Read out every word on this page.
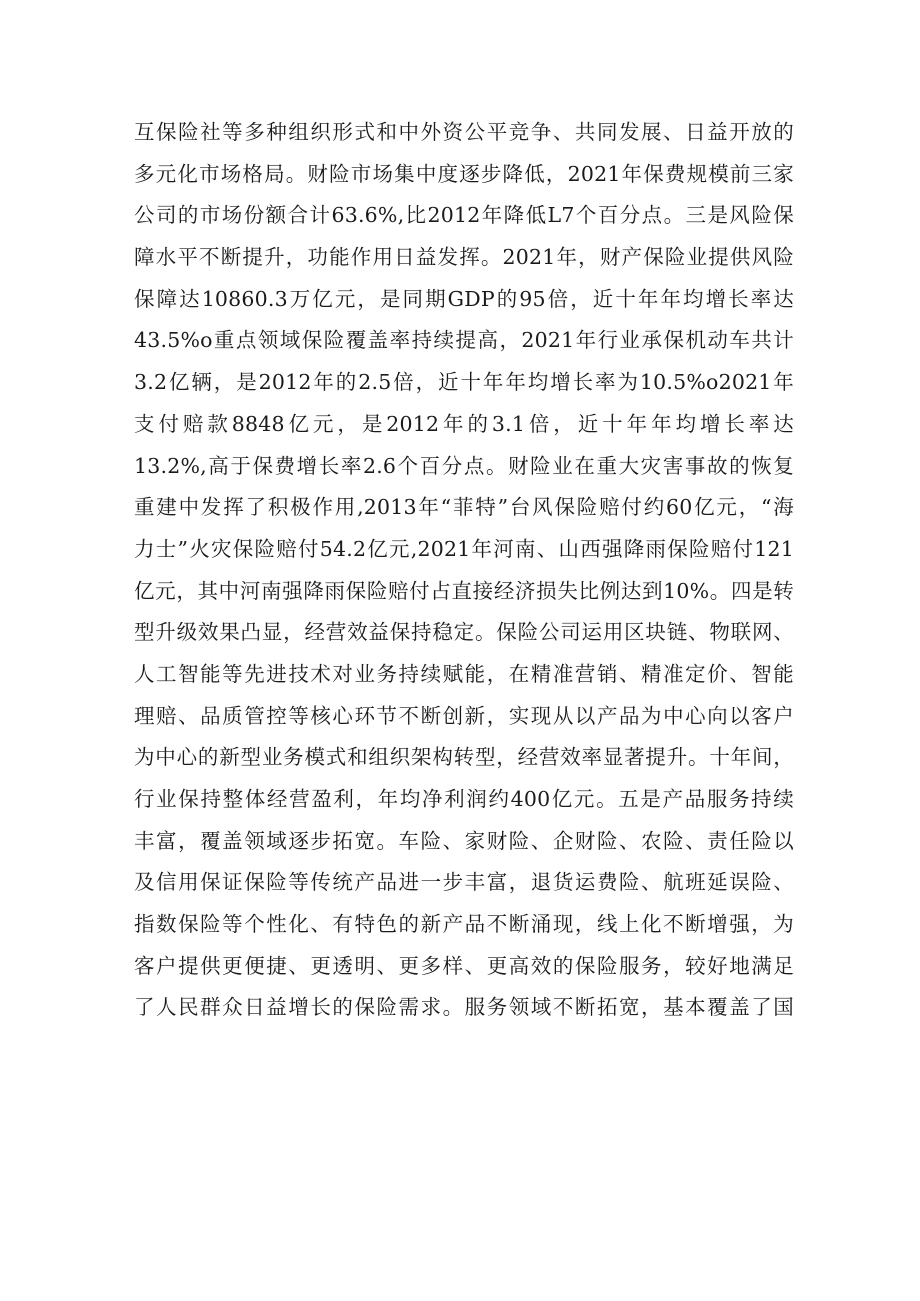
互保险社等多种组织形式和中外资公平竞争、共同发展、日益开放的
多元化市场格局。财险市场集中度逐步降低，2021年保费规模前三家
公司的市场份额合计63.6%,比2012年降低L7个百分点。三是风险保
障水平不断提升，功能作用日益发挥。2021年，财产保险业提供风险
保障达10860.3万亿元，是同期GDP的95倍，近十年年均增长率达
43.5%o重点领域保险覆盖率持续提高，2021年行业承保机动车共计
3.2亿辆，是2012年的2.5倍，近十年年均增长率为10.5%o2021年
支付赔款8848亿元，是2012年的3.1倍，近十年年均增长率达
13.2%,高于保费增长率2.6个百分点。财险业在重大灾害事故的恢复
重建中发挥了积极作用,2013年“菲特”台风保险赔付约60亿元，“海
力士”火灾保险赔付54.2亿元,2021年河南、山西强降雨保险赔付121
亿元，其中河南强降雨保险赔付占直接经济损失比例达到10%。四是转
型升级效果凸显，经营效益保持稳定。保险公司运用区块链、物联网、
人工智能等先进技术对业务持续赋能，在精准营销、精准定价、智能
理赔、品质管控等核心环节不断创新，实现从以产品为中心向以客户
为中心的新型业务模式和组织架构转型，经营效率显著提升。十年间，
行业保持整体经营盈利，年均净利润约400亿元。五是产品服务持续
丰富，覆盖领域逐步拓宽。车险、家财险、企财险、农险、责任险以
及信用保证保险等传统产品进一步丰富，退货运费险、航班延误险、
指数保险等个性化、有特色的新产品不断涌现，线上化不断增强，为
客户提供更便捷、更透明、更多样、更高效的保险服务，较好地满足
了人民群众日益增长的保险需求。服务领域不断拓宽，基本覆盖了国
